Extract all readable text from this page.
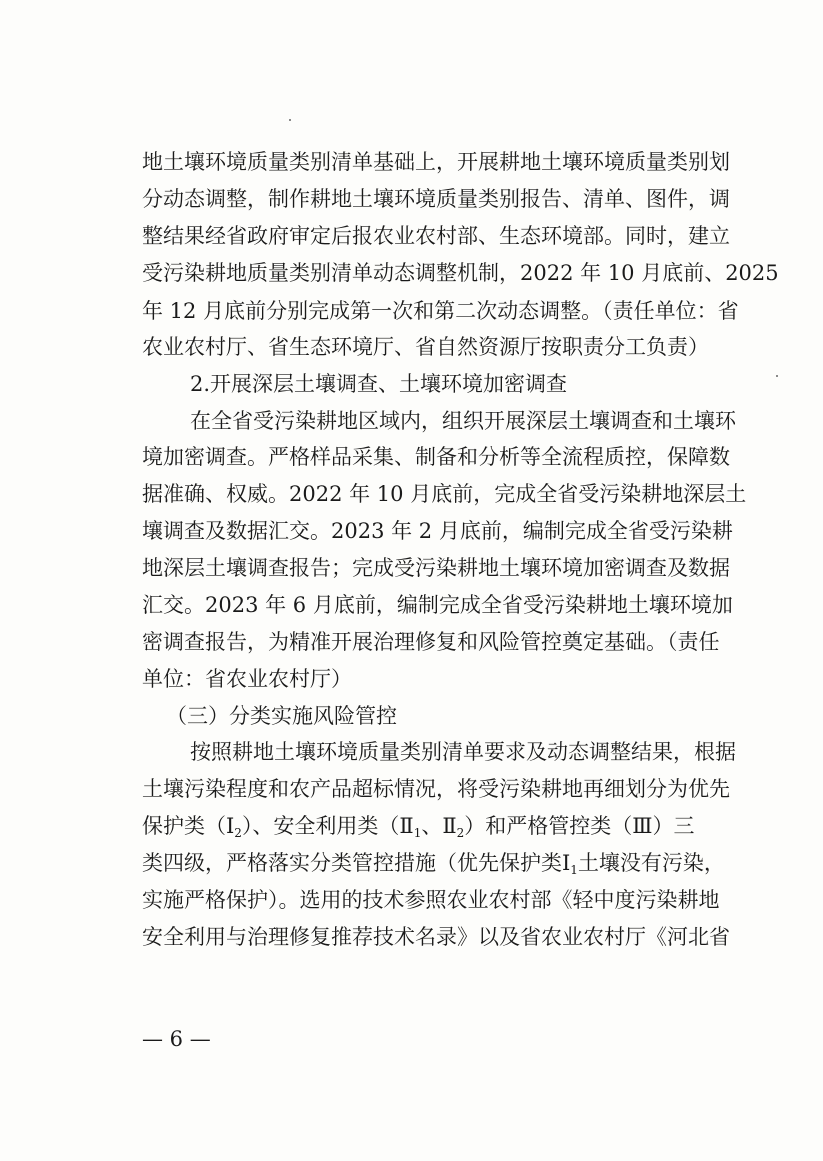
地土壤环境质量类别清单基础上，开展耕地土壤环境质量类别划
分动态调整，制作耕地土壤环境质量类别报告、清单、图件，调
整结果经省政府审定后报农业农村部、生态环境部。同时，建立
受污染耕地质量类别清单动态调整机制，2022 年 10 月底前、2025
年 12 月底前分别完成第一次和第二次动态调整。（责任单位：省
农业农村厅、省生态环境厅、省自然资源厅按职责分工负责）
2.开展深层土壤调查、土壤环境加密调查
在全省受污染耕地区域内，组织开展深层土壤调查和土壤环
境加密调查。严格样品采集、制备和分析等全流程质控，保障数
据准确、权威。2022 年 10 月底前，完成全省受污染耕地深层土
壤调查及数据汇交。2023 年 2 月底前，编制完成全省受污染耕
地深层土壤调查报告；完成受污染耕地土壤环境加密调查及数据
汇交。2023 年 6 月底前，编制完成全省受污染耕地土壤环境加
密调查报告，为精准开展治理修复和风险管控奠定基础。（责任
单位：省农业农村厅）
（三）分类实施风险管控
按照耕地土壤环境质量类别清单要求及动态调整结果，根据
土壤污染程度和农产品超标情况，将受污染耕地再细划分为优先
保护类$(Ⅰ_2)$、安全利用类（$Ⅱ_1$、$Ⅱ_2$）和严格管控类（Ⅲ）三
类四级，严格落实分类管控措施（优先保护类$Ⅰ_1$土壤没有污染，
实施严格保护）。选用的技术参照农业农村部《轻中度污染耕地
安全利用与治理修复推荐技术名录》以及省农业农村厅《河北省
— 6 —
